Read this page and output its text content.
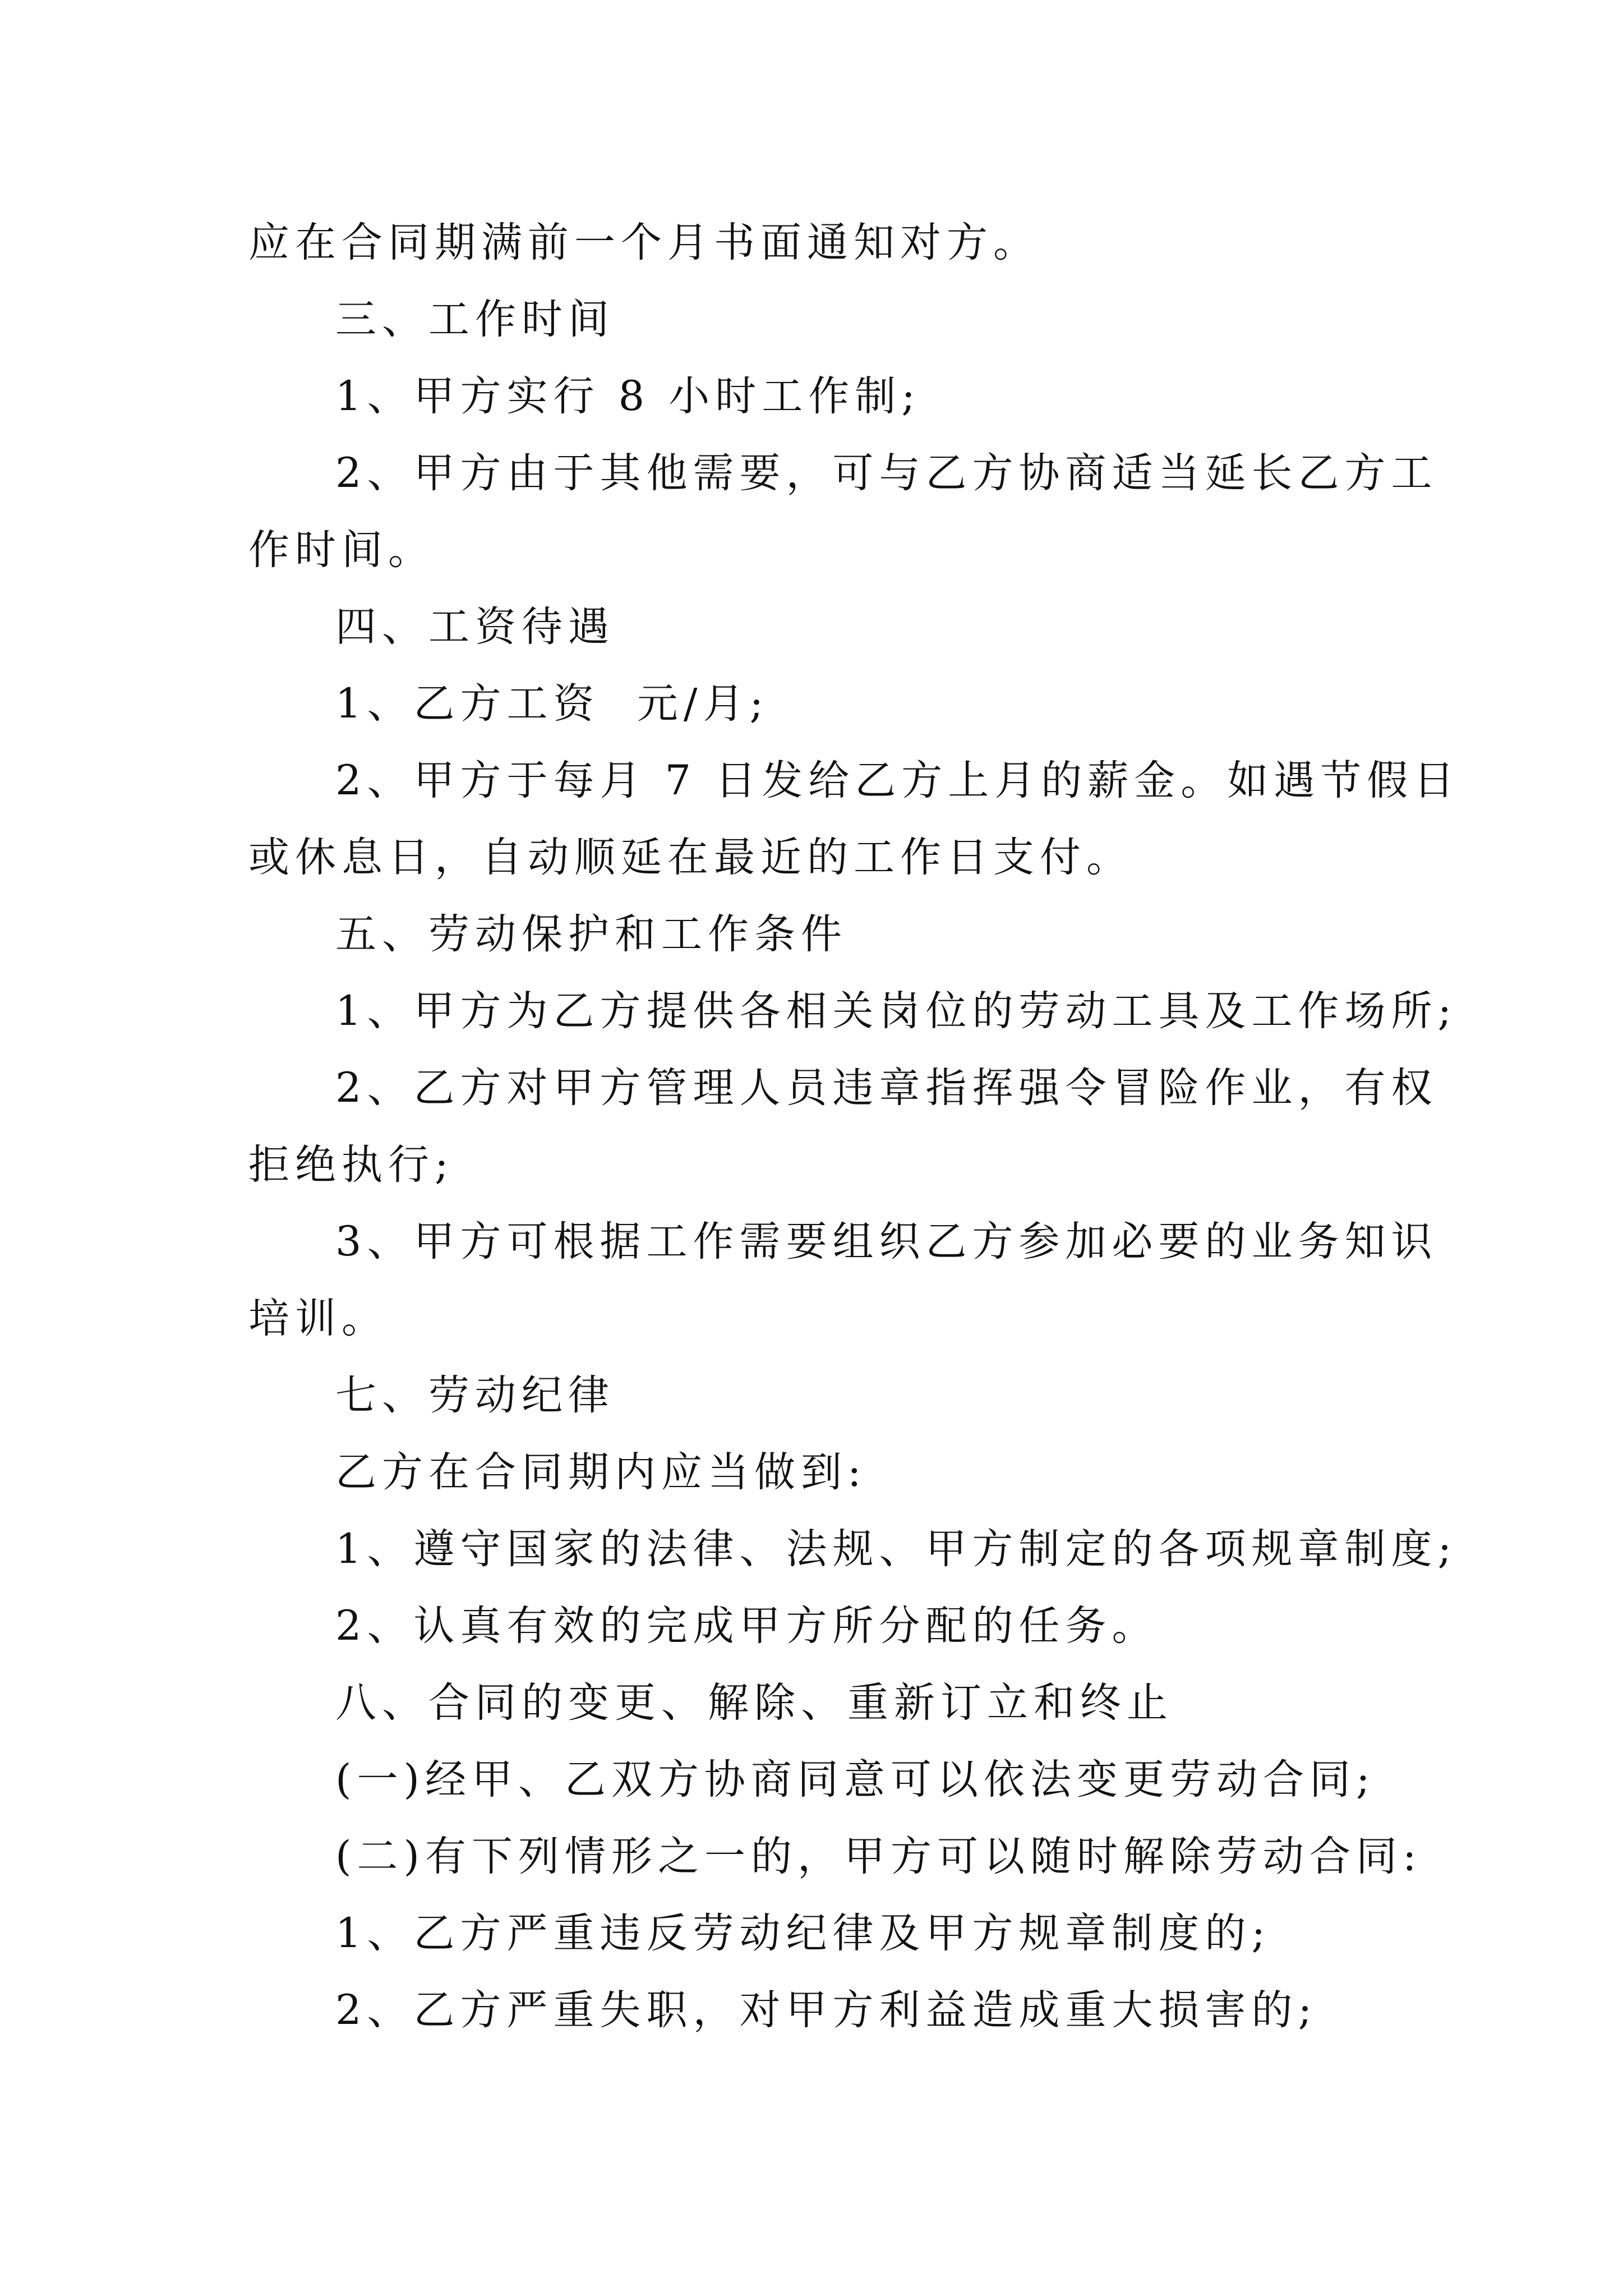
应在合同期满前一个月书面通知对方。
三、工作时间
1、甲方实行 8 小时工作制;
2、甲方由于其他需要，可与乙方协商适当延长乙方工
作时间。
四、工资待遇
1、乙方工资  元/月;
2、甲方于每月 7 日发给乙方上月的薪金。如遇节假日
或休息日，自动顺延在最近的工作日支付。
五、劳动保护和工作条件
1、甲方为乙方提供各相关岗位的劳动工具及工作场所;
2、乙方对甲方管理人员违章指挥强令冒险作业，有权
拒绝执行;
3、甲方可根据工作需要组织乙方参加必要的业务知识
培训。
七、劳动纪律
乙方在合同期内应当做到:
1、遵守国家的法律、法规、甲方制定的各项规章制度;
2、认真有效的完成甲方所分配的任务。
八、合同的变更、解除、重新订立和终止
(一)经甲、乙双方协商同意可以依法变更劳动合同;
(二)有下列情形之一的，甲方可以随时解除劳动合同:
1、乙方严重违反劳动纪律及甲方规章制度的;
2、乙方严重失职，对甲方利益造成重大损害的;
